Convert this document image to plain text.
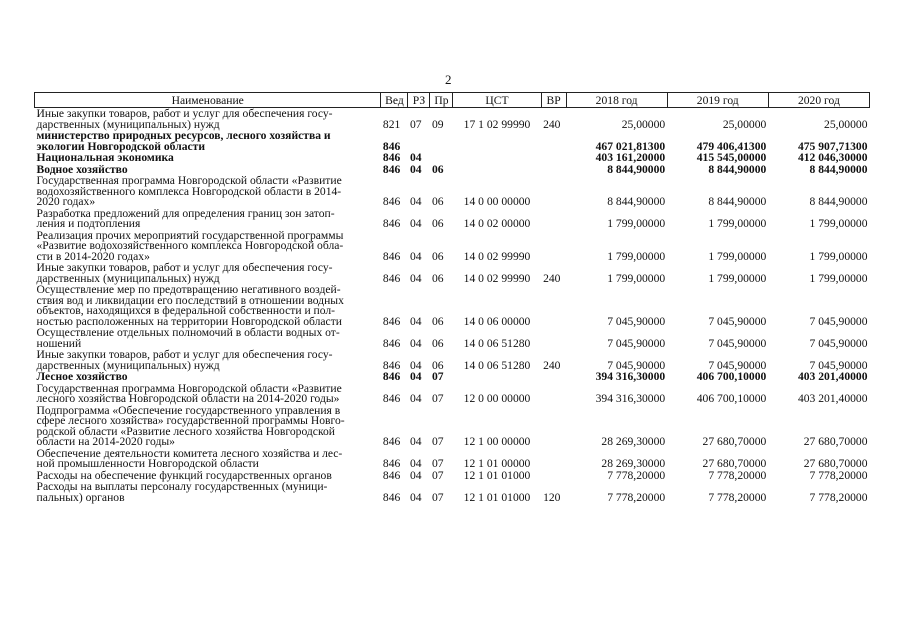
2
Наименование	Вед	РЗ	Пр	ЦСТ	ВР	2018 год	2019 год	2020 год
Иные закупки товаров, работ и услуг для обеспечения госу-
дарственных (муниципальных) нужд	821	07	09	17 1 02 99990	240	25,00000	25,00000	25,00000
министерство природных ресурсов, лесного хозяйства и
экологии Новгородской области	846					467 021,81300	479 406,41300	475 907,71300
Национальная экономика	846	04				403 161,20000	415 545,00000	412 046,30000
Водное хозяйство	846	04	06			8 844,90000	8 844,90000	8 844,90000
Государственная программа Новгородской области «Развитие
водохозяйственного комплекса Новгородской области в 2014-
2020 годах»	846	04	06	14 0 00 00000		8 844,90000	8 844,90000	8 844,90000
Разработка предложений для определения границ зон затоп-
ления и подтопления	846	04	06	14 0 02 00000		1 799,00000	1 799,00000	1 799,00000
Реализация прочих мероприятий государственной программы
«Развитие водохозяйственного комплекса Новгородской обла-
сти в 2014-2020 годах»	846	04	06	14 0 02 99990		1 799,00000	1 799,00000	1 799,00000
Иные закупки товаров, работ и услуг для обеспечения госу-
дарственных (муниципальных) нужд	846	04	06	14 0 02 99990	240	1 799,00000	1 799,00000	1 799,00000
Осуществление мер по предотвращению негативного воздей-
ствия вод и ликвидации его последствий в отношении водных
объектов, находящихся в федеральной собственности и пол-
ностью расположенных на территории Новгородской области	846	04	06	14 0 06 00000		7 045,90000	7 045,90000	7 045,90000
Осуществление отдельных полномочий в области водных от-
ношений	846	04	06	14 0 06 51280		7 045,90000	7 045,90000	7 045,90000
Иные закупки товаров, работ и услуг для обеспечения госу-
дарственных (муниципальных) нужд	846	04	06	14 0 06 51280	240	7 045,90000	7 045,90000	7 045,90000
Лесное хозяйство	846	04	07			394 316,30000	406 700,10000	403 201,40000
Государственная программа Новгородской области «Развитие
лесного хозяйства Новгородской области на 2014-2020 годы»	846	04	07	12 0 00 00000		394 316,30000	406 700,10000	403 201,40000
Подпрограмма «Обеспечение государственного управления в
сфере лесного хозяйства» государственной программы Новго-
родской области «Развитие лесного хозяйства Новгородской
области на 2014-2020 годы»	846	04	07	12 1 00 00000		28 269,30000	27 680,70000	27 680,70000
Обеспечение деятельности комитета лесного хозяйства и лес-
ной промышленности Новгородской области	846	04	07	12 1 01 00000		28 269,30000	27 680,70000	27 680,70000
Расходы на обеспечение функций государственных органов	846	04	07	12 1 01 01000		7 778,20000	7 778,20000	7 778,20000
Расходы на выплаты персоналу государственных (муници-
пальных) органов	846	04	07	12 1 01 01000	120	7 778,20000	7 778,20000	7 778,20000
